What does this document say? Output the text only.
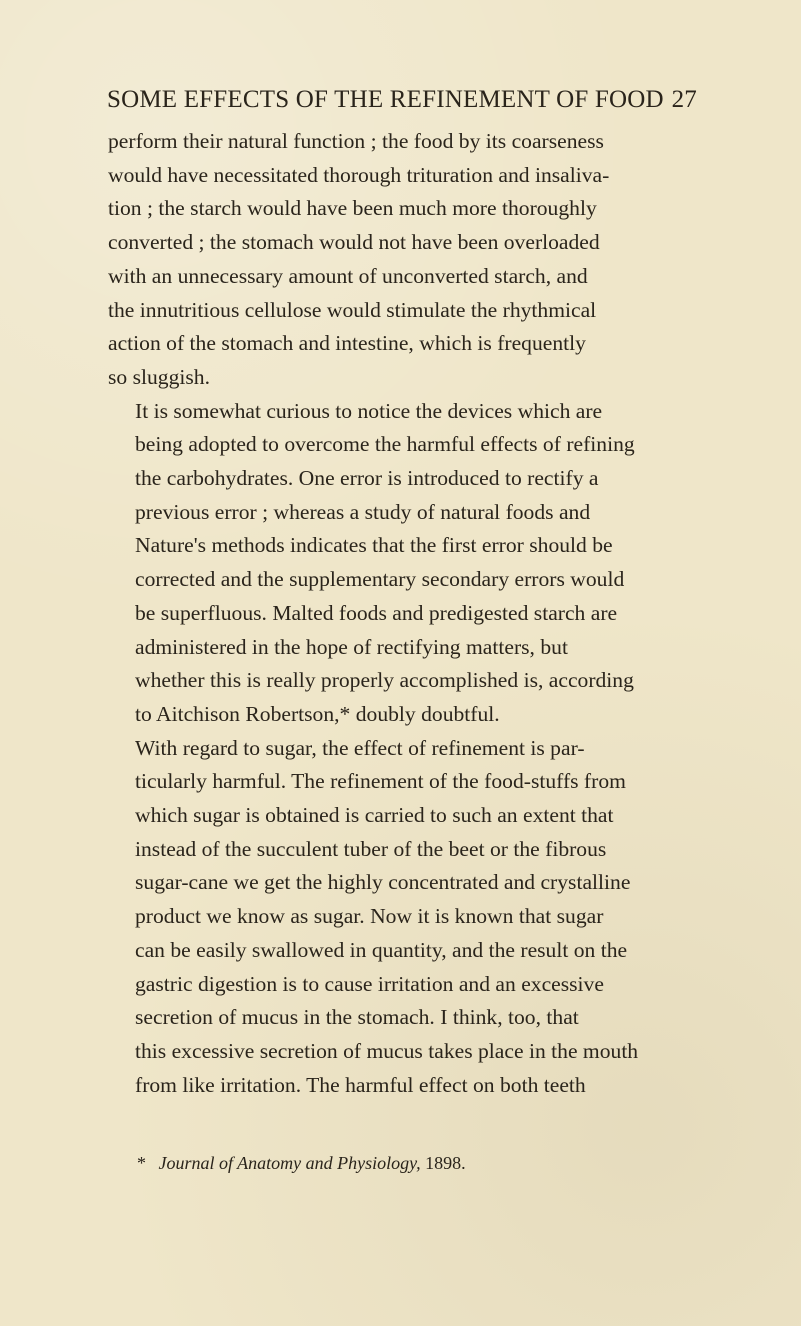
SOME EFFECTS OF THE REFINEMENT OF FOOD 27

perform their natural function ; the food by its coarseness
would have necessitated thorough trituration and insaliva-
tion ; the starch would have been much more thoroughly
converted ; the stomach would not have been overloaded
with an unnecessary amount of unconverted starch, and
the innutritious cellulose would stimulate the rhythmical
action of the stomach and intestine, which is frequently
so sluggish.

It is somewhat curious to notice the devices which are
being adopted to overcome the harmful effects of refining
the carbohydrates. One error is introduced to rectify a
previous error ; whereas a study of natural foods and
Nature's methods indicates that the first error should be
corrected and the supplementary secondary errors would
be superfluous. Malted foods and predigested starch are
administered in the hope of rectifying matters, but
whether this is really properly accomplished is, according
to Aitchison Robertson,* doubly doubtful.

With regard to sugar, the effect of refinement is par-
ticularly harmful. The refinement of the food-stuffs from
which sugar is obtained is carried to such an extent that
instead of the succulent tuber of the beet or the fibrous
sugar-cane we get the highly concentrated and crystalline
product we know as sugar. Now it is known that sugar
can be easily swallowed in quantity, and the result on the
gastric digestion is to cause irritation and an excessive
secretion of mucus in the stomach. I think, too, that
this excessive secretion of mucus takes place in the mouth
from like irritation. The harmful effect on both teeth

* Journal of Anatomy and Physiology, 1898.
